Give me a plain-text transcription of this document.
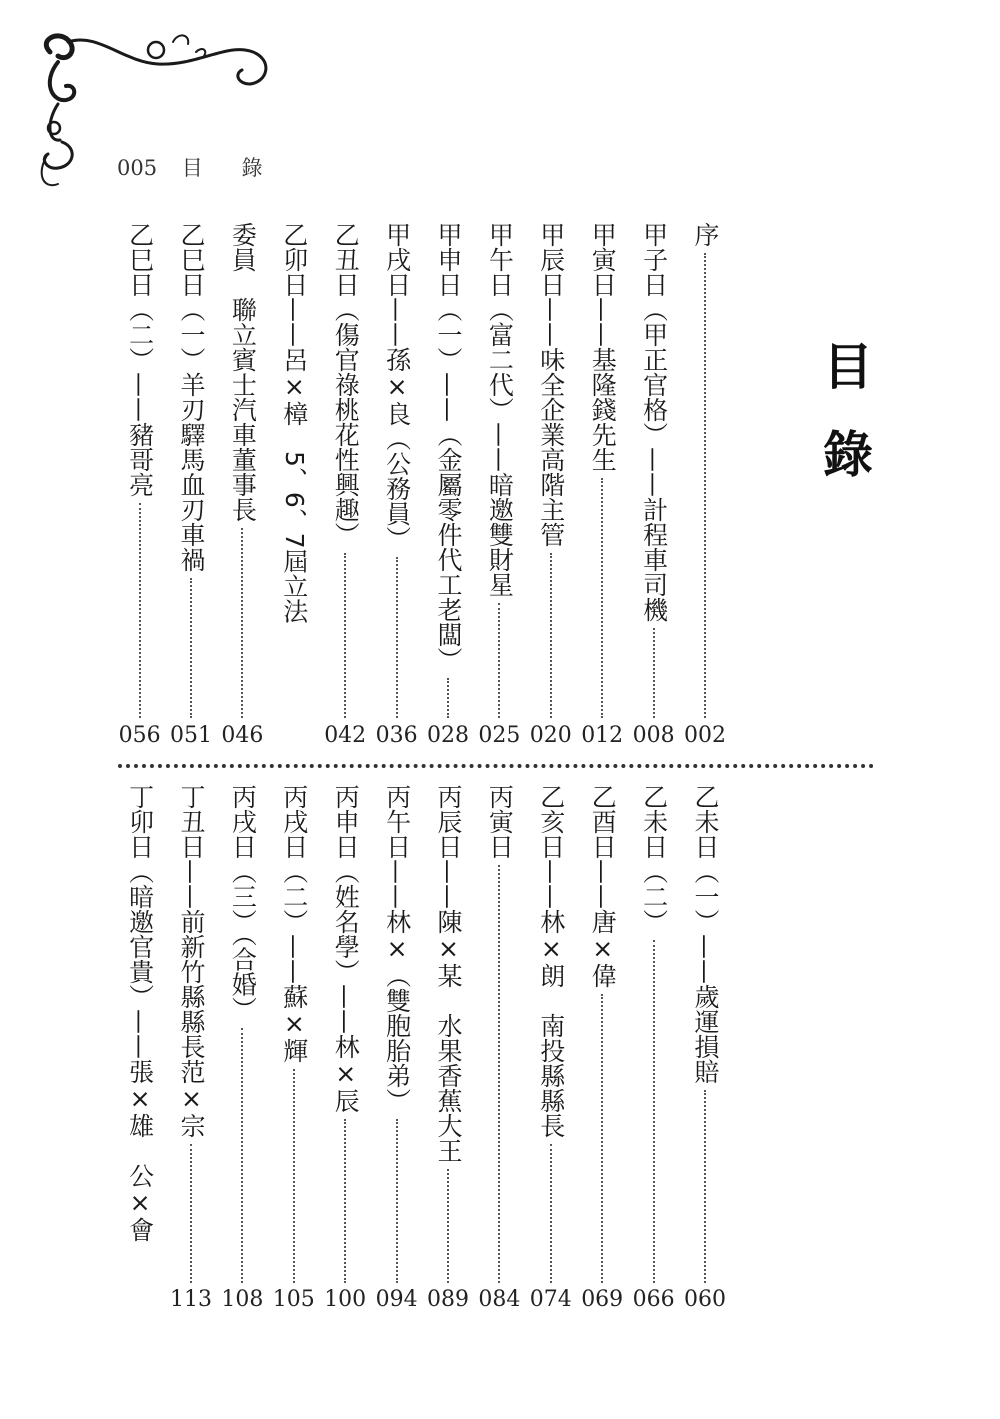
005 目 錄
目錄
序
002
甲子日（甲正官格）——計程車司機
008
甲寅日——基隆錢先生
012
甲辰日——味全企業高階主管
020
甲午日（富二代）——暗邀雙財星
025
甲申日（一）——（金屬零件代工老闆）
028
甲戌日——孫×良（公務員）
036
乙丑日（傷官祿桃花性興趣）
042
乙卯日——呂×樟　5、6、7屆立法
委員　聯立賓士汽車董事長
046
乙巳日（一）羊刃驛馬血刃車禍
051
乙巳日（二）——豬哥亮
056
乙未日（一）——歲運損賠
060
乙未日（二）
066
乙酉日——唐×偉
069
乙亥日——林×朗　南投縣縣長
074
丙寅日
084
丙辰日——陳×某　水果香蕉大王
089
丙午日——林×（雙胞胎弟）
094
丙申日（姓名學）——林×辰
100
丙戌日（二）——蘇×輝
105
丙戌日（三）（合婚）
108
丁丑日——前新竹縣縣長范×宗
113
丁卯日（暗邀官貴）——張×雄　公×會
